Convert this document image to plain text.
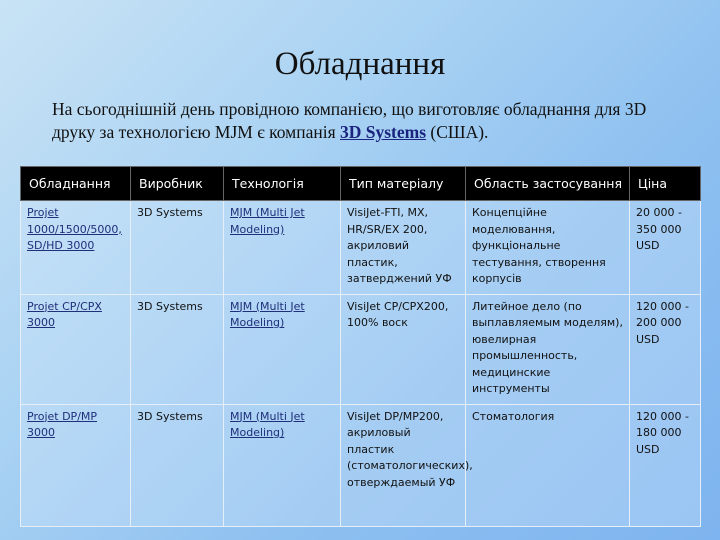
Обладнання
На сьогоднішній день провідною компанією, що виготовляє обладнання для 3D друку за технологією MJM є компанія 3D Systems (США).
Обладнання	Виробник	Технологія	Тип матеріалу	Область застосування	Ціна
Projet 1000/1500/5000, SD/HD 3000	3D Systems	MJM (Multi Jet Modeling)	VisiJet-FTI, MX, HR/SR/EX 200, акриловий пластик, затверджений УФ	Концепційне моделювання, функціональне тестування, створення корпусів	20 000 - 350 000 USD
Projet CP/CPX 3000	3D Systems	MJM (Multi Jet Modeling)	VisiJet CP/CPX200, 100% воск	Литейное дело (по выплавляемым моделям), ювелирная промышленность, медицинские инструменты	120 000 - 200 000 USD
Projet DP/MP 3000	3D Systems	MJM (Multi Jet Modeling)	VisiJet DP/MP200, акриловый пластик (стоматологических), отверждаемый УФ	Стоматология	120 000 - 180 000 USD
